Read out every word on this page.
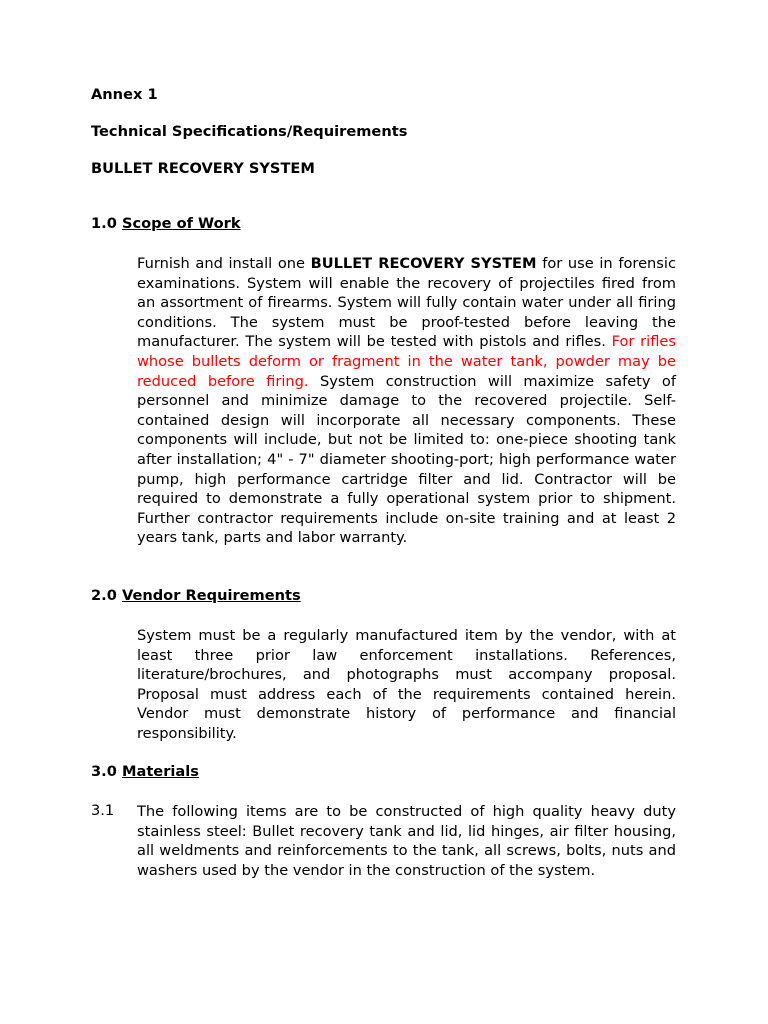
Annex 1
Technical Specifications/Requirements
BULLET RECOVERY SYSTEM
1.0 Scope of Work

Furnish and install one BULLET RECOVERY SYSTEM for use in forensic examinations. System will enable the recovery of projectiles fired from an assortment of firearms. System will fully contain water under all firing conditions. The system must be proof-tested before leaving the manufacturer. The system will be tested with pistols and rifles. For rifles whose bullets deform or fragment in the water tank, powder may be reduced before firing. System construction will maximize safety of personnel and minimize damage to the recovered projectile. Self-contained design will incorporate all necessary components. These components will include, but not be limited to: one-piece shooting tank after installation; 4" - 7" diameter shooting-port; high performance water pump, high performance cartridge filter and lid. Contractor will be required to demonstrate a fully operational system prior to shipment. Further contractor requirements include on-site training and at least 2 years tank, parts and labor warranty.

2.0 Vendor Requirements

System must be a regularly manufactured item by the vendor, with at least three prior law enforcement installations. References, literature/brochures, and photographs must accompany proposal. Proposal must address each of the requirements contained herein. Vendor must demonstrate history of performance and financial responsibility.

3.0 Materials
3.1 The following items are to be constructed of high quality heavy duty stainless steel: Bullet recovery tank and lid, lid hinges, air filter housing, all weldments and reinforcements to the tank, all screws, bolts, nuts and washers used by the vendor in the construction of the system.
